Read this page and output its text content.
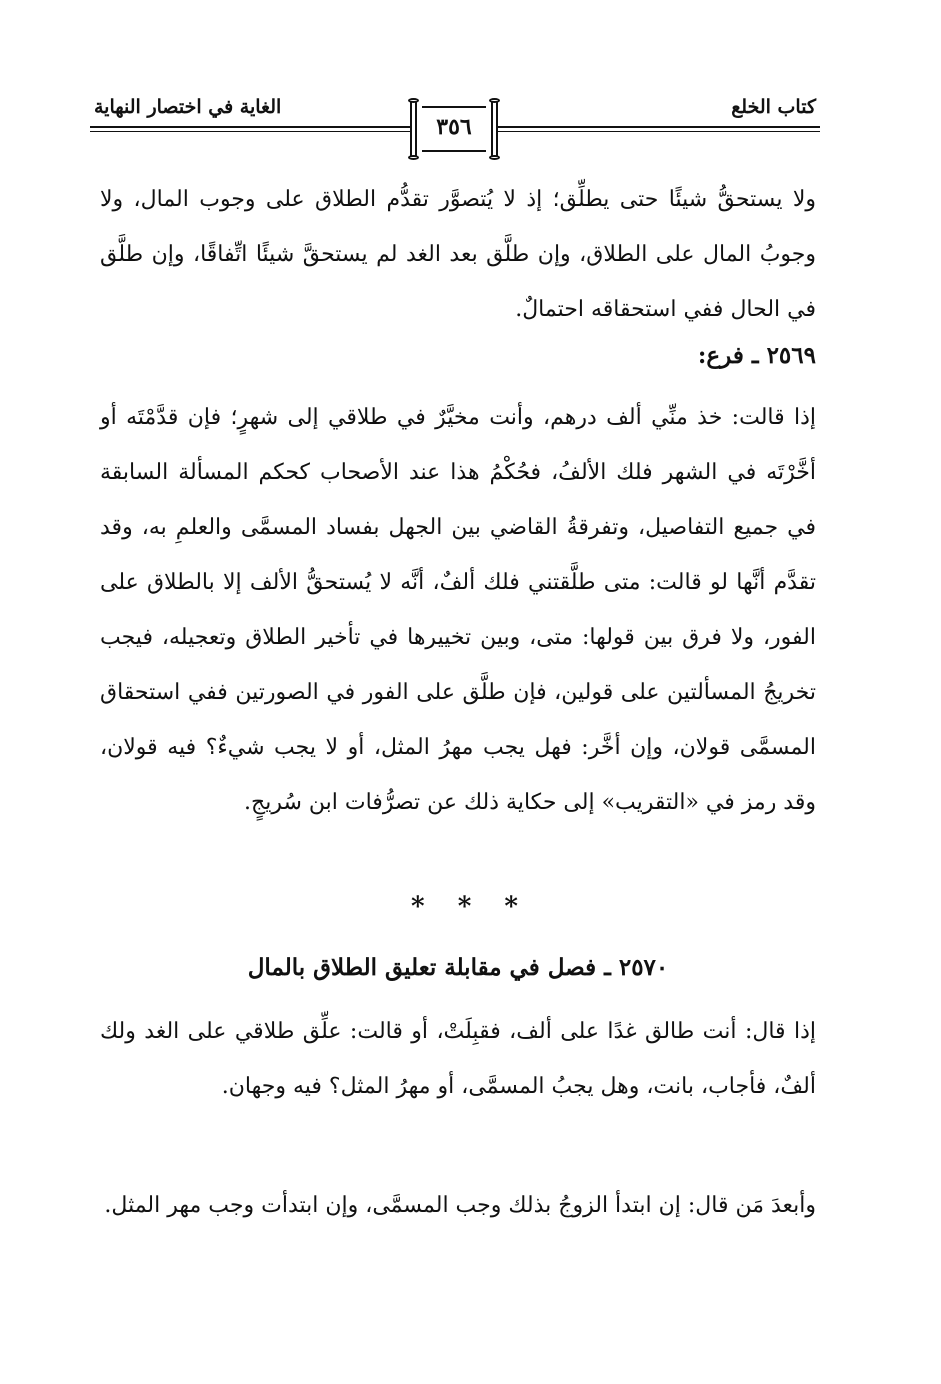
الغاية في اختصار النهاية	كتاب الخلع
٣٥٦

ولا يستحقُّ شيئًا حتى يطلِّق؛ إذ لا يُتصوَّر تقدُّم الطلاق على وجوب المال، ولا وجوبُ المال على الطلاق، وإن طلَّق بعد الغد لم يستحقَّ شيئًا اتِّفاقًا، وإن طلَّق في الحال ففي استحقاقه احتمالٌ.

٢٥٦٩ ـ فرع:

إذا قالت: خذ منِّي ألف درهم، وأنت مخيَّرٌ في طلاقي إلى شهرٍ؛ فإن قدَّمْتَه أو أخَّرْتَه في الشهر فلك الألفُ، فحُكْمُ هذا عند الأصحاب كحكم المسألة السابقة في جميع التفاصيل، وتفرقةُ القاضي بين الجهل بفساد المسمَّى والعلمِ به، وقد تقدَّم أنَّها لو قالت: متى طلَّقتني فلك ألفٌ، أنَّه لا يُستحقُّ الألف إلا بالطلاق على الفور، ولا فرق بين قولها: متى، وبين تخييرها في تأخير الطلاق وتعجيله، فيجب تخريجُ المسألتين على قولين، فإن طلَّق على الفور في الصورتين ففي استحقاق المسمَّى قولان، وإن أخَّر: فهل يجب مهرُ المثل، أو لا يجب شيءٌ؟ فيه قولان، وقد رمز في «التقريب» إلى حكاية ذلك عن تصرُّفات ابن سُريجٍ.

* * *
٢٥٧٠ ـ فصل في مقابلة تعليق الطلاق بالمال

إذا قال: أنت طالق غدًا على ألف، فقبِلَتْ، أو قالت: علِّق طلاقي على الغد ولك ألفٌ، فأجاب، بانت، وهل يجبُ المسمَّى، أو مهرُ المثل؟ فيه وجهان.

وأبعدَ مَن قال: إن ابتدأ الزوجُ بذلك وجب المسمَّى، وإن ابتدأت وجب مهر المثل.
